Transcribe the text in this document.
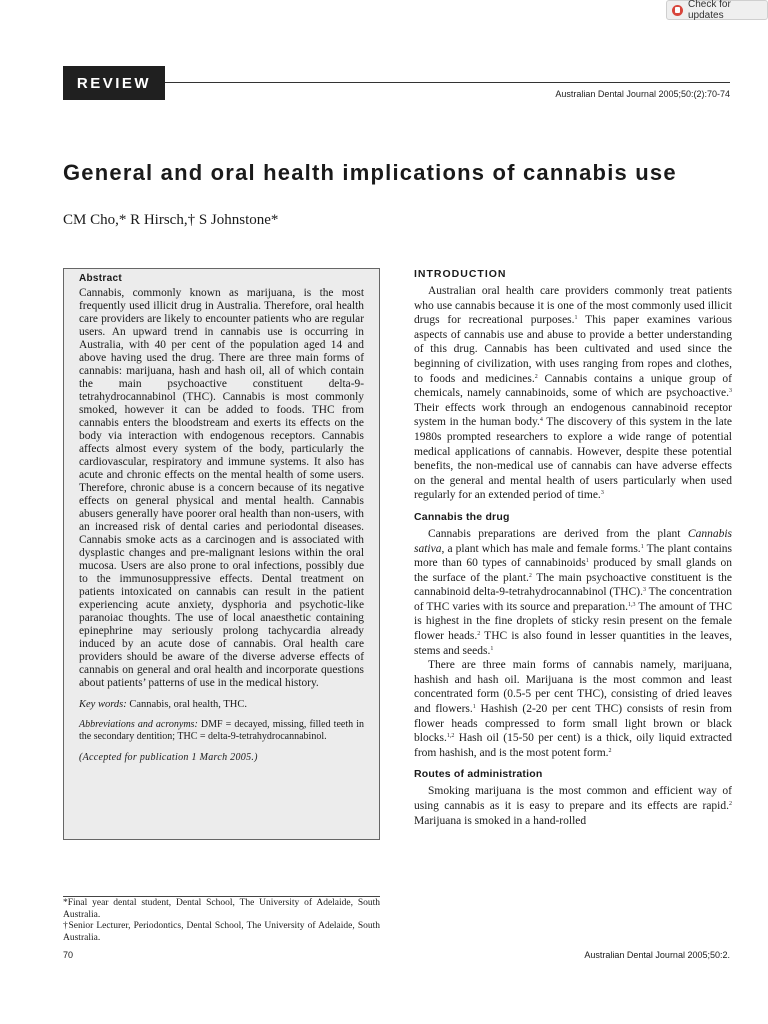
Check for updates
REVIEW
Australian Dental Journal 2005;50:(2):70-74
General and oral health implications of cannabis use
CM Cho,* R Hirsch,† S Johnstone*

Abstract

Cannabis, commonly known as marijuana, is the most frequently used illicit drug in Australia. Therefore, oral health care providers are likely to encounter patients who are regular users. An upward trend in cannabis use is occurring in Australia, with 40 per cent of the population aged 14 and above having used the drug. There are three main forms of cannabis: marijuana, hash and hash oil, all of which contain the main psychoactive constituent delta-9-tetrahydrocannabinol (THC). Cannabis is most commonly smoked, however it can be added to foods. THC from cannabis enters the bloodstream and exerts its effects on the body via interaction with endogenous receptors. Cannabis affects almost every system of the body, particularly the cardiovascular, respiratory and immune systems. It also has acute and chronic effects on the mental health of some users. Therefore, chronic abuse is a concern because of its negative effects on general physical and mental health. Cannabis abusers generally have poorer oral health than non-users, with an increased risk of dental caries and periodontal diseases. Cannabis smoke acts as a carcinogen and is associated with dysplastic changes and pre-malignant lesions within the oral mucosa. Users are also prone to oral infections, possibly due to the immunosuppressive effects. Dental treatment on patients intoxicated on cannabis can result in the patient experiencing acute anxiety, dysphoria and psychotic-like paranoiac thoughts. The use of local anaesthetic containing epinephrine may seriously prolong tachycardia already induced by an acute dose of cannabis. Oral health care providers should be aware of the diverse adverse effects of cannabis on general and oral health and incorporate questions about patients’ patterns of use in the medical history.

Key words: Cannabis, oral health, THC.

Abbreviations and acronyms: DMF = decayed, missing, filled teeth in the secondary dentition; THC = delta-9-tetrahydrocannabinol.

(Accepted for publication 1 March 2005.)

*Final year dental student, Dental School, The University of Adelaide, South Australia.

†Senior Lecturer, Periodontics, Dental School, The University of Adelaide, South Australia.

70	Australian Dental Journal 2005;50:2.

INTRODUCTION

Australian oral health care providers commonly treat patients who use cannabis because it is one of the most commonly used illicit drugs for recreational purposes.$^1$ This paper examines various aspects of cannabis use and abuse to provide a better understanding of this drug. Cannabis has been cultivated and used since the beginning of civilization, with uses ranging from ropes and clothes, to foods and medicines.$^2$ Cannabis contains a unique group of chemicals, namely cannabinoids, some of which are psychoactive.$^3$ Their effects work through an endogenous cannabinoid receptor system in the human body.$^4$ The discovery of this system in the late 1980s prompted researchers to explore a wide range of potential medical applications of cannabis. However, despite these potential benefits, the non-medical use of cannabis can have adverse effects on the general and mental health of users particularly when used regularly for an extended period of time.$^3$

Cannabis the drug

Cannabis preparations are derived from the plant Cannabis sativa, a plant which has male and female forms.$^1$ The plant contains more than 60 types of cannabinoids$^1$ produced by small glands on the surface of the plant.$^2$ The main psychoactive constituent is the cannabinoid delta-9-tetrahydrocannabinol (THC).$^3$ The concentration of THC varies with its source and preparation.$^{1,3}$ The amount of THC is highest in the fine droplets of sticky resin present on the female flower heads.$^2$ THC is also found in lesser quantities in the leaves, stems and seeds.$^1$

There are three main forms of cannabis namely, marijuana, hashish and hash oil. Marijuana is the most common and least concentrated form (0.5-5 per cent THC), consisting of dried leaves and flowers.$^1$ Hashish (2-20 per cent THC) consists of resin from flower heads compressed to form small light brown or black blocks.$^{1,2}$ Hash oil (15-50 per cent) is a thick, oily liquid extracted from hashish, and is the most potent form.$^2$

Routes of administration

Smoking marijuana is the most common and efficient way of using cannabis as it is easy to prepare and its effects are rapid.$^2$ Marijuana is smoked in a hand-rolled
